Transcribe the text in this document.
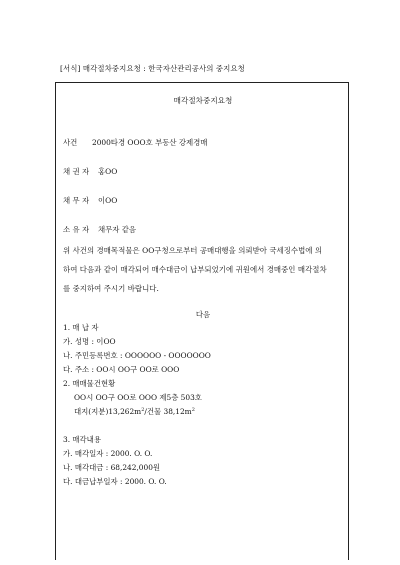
[서식] 매각절차중지요청 : 한국자산관리공사의 중지요청
매각절차중지요청
사건 2000타경 OOO호 부동산 강제경매
채 권 자 홍OO
채 무 자 이OO
소 유 자 채무자 같음
위 사건의 경매목적물은 OO구청으로부터 공매대행을 의뢰받아 국세징수법에 의
하여 다음과 같이 매각되어 매수대금이 납부되었기에 귀원에서 경매중인 매각절차
를 중지하여 주시기 바랍니다.
다음
1. 매 납 자
가. 성명 : 이OO
나. 주민등록번호 : OOOOOO - OOOOOOO
다. 주소 : OO시 OO구 OO로 OOO
2. 매매물건현황
OO시 OO구 OO로 OOO 제5층 503호
대지(지분)$13,262m^2/$건물 $38,12m^2$
3. 매각내용
가. 매각일자 : 2000. O. O.
나. 매각대금 : 68,242,000원
다. 대금납부일자 : 2000. O. O.
